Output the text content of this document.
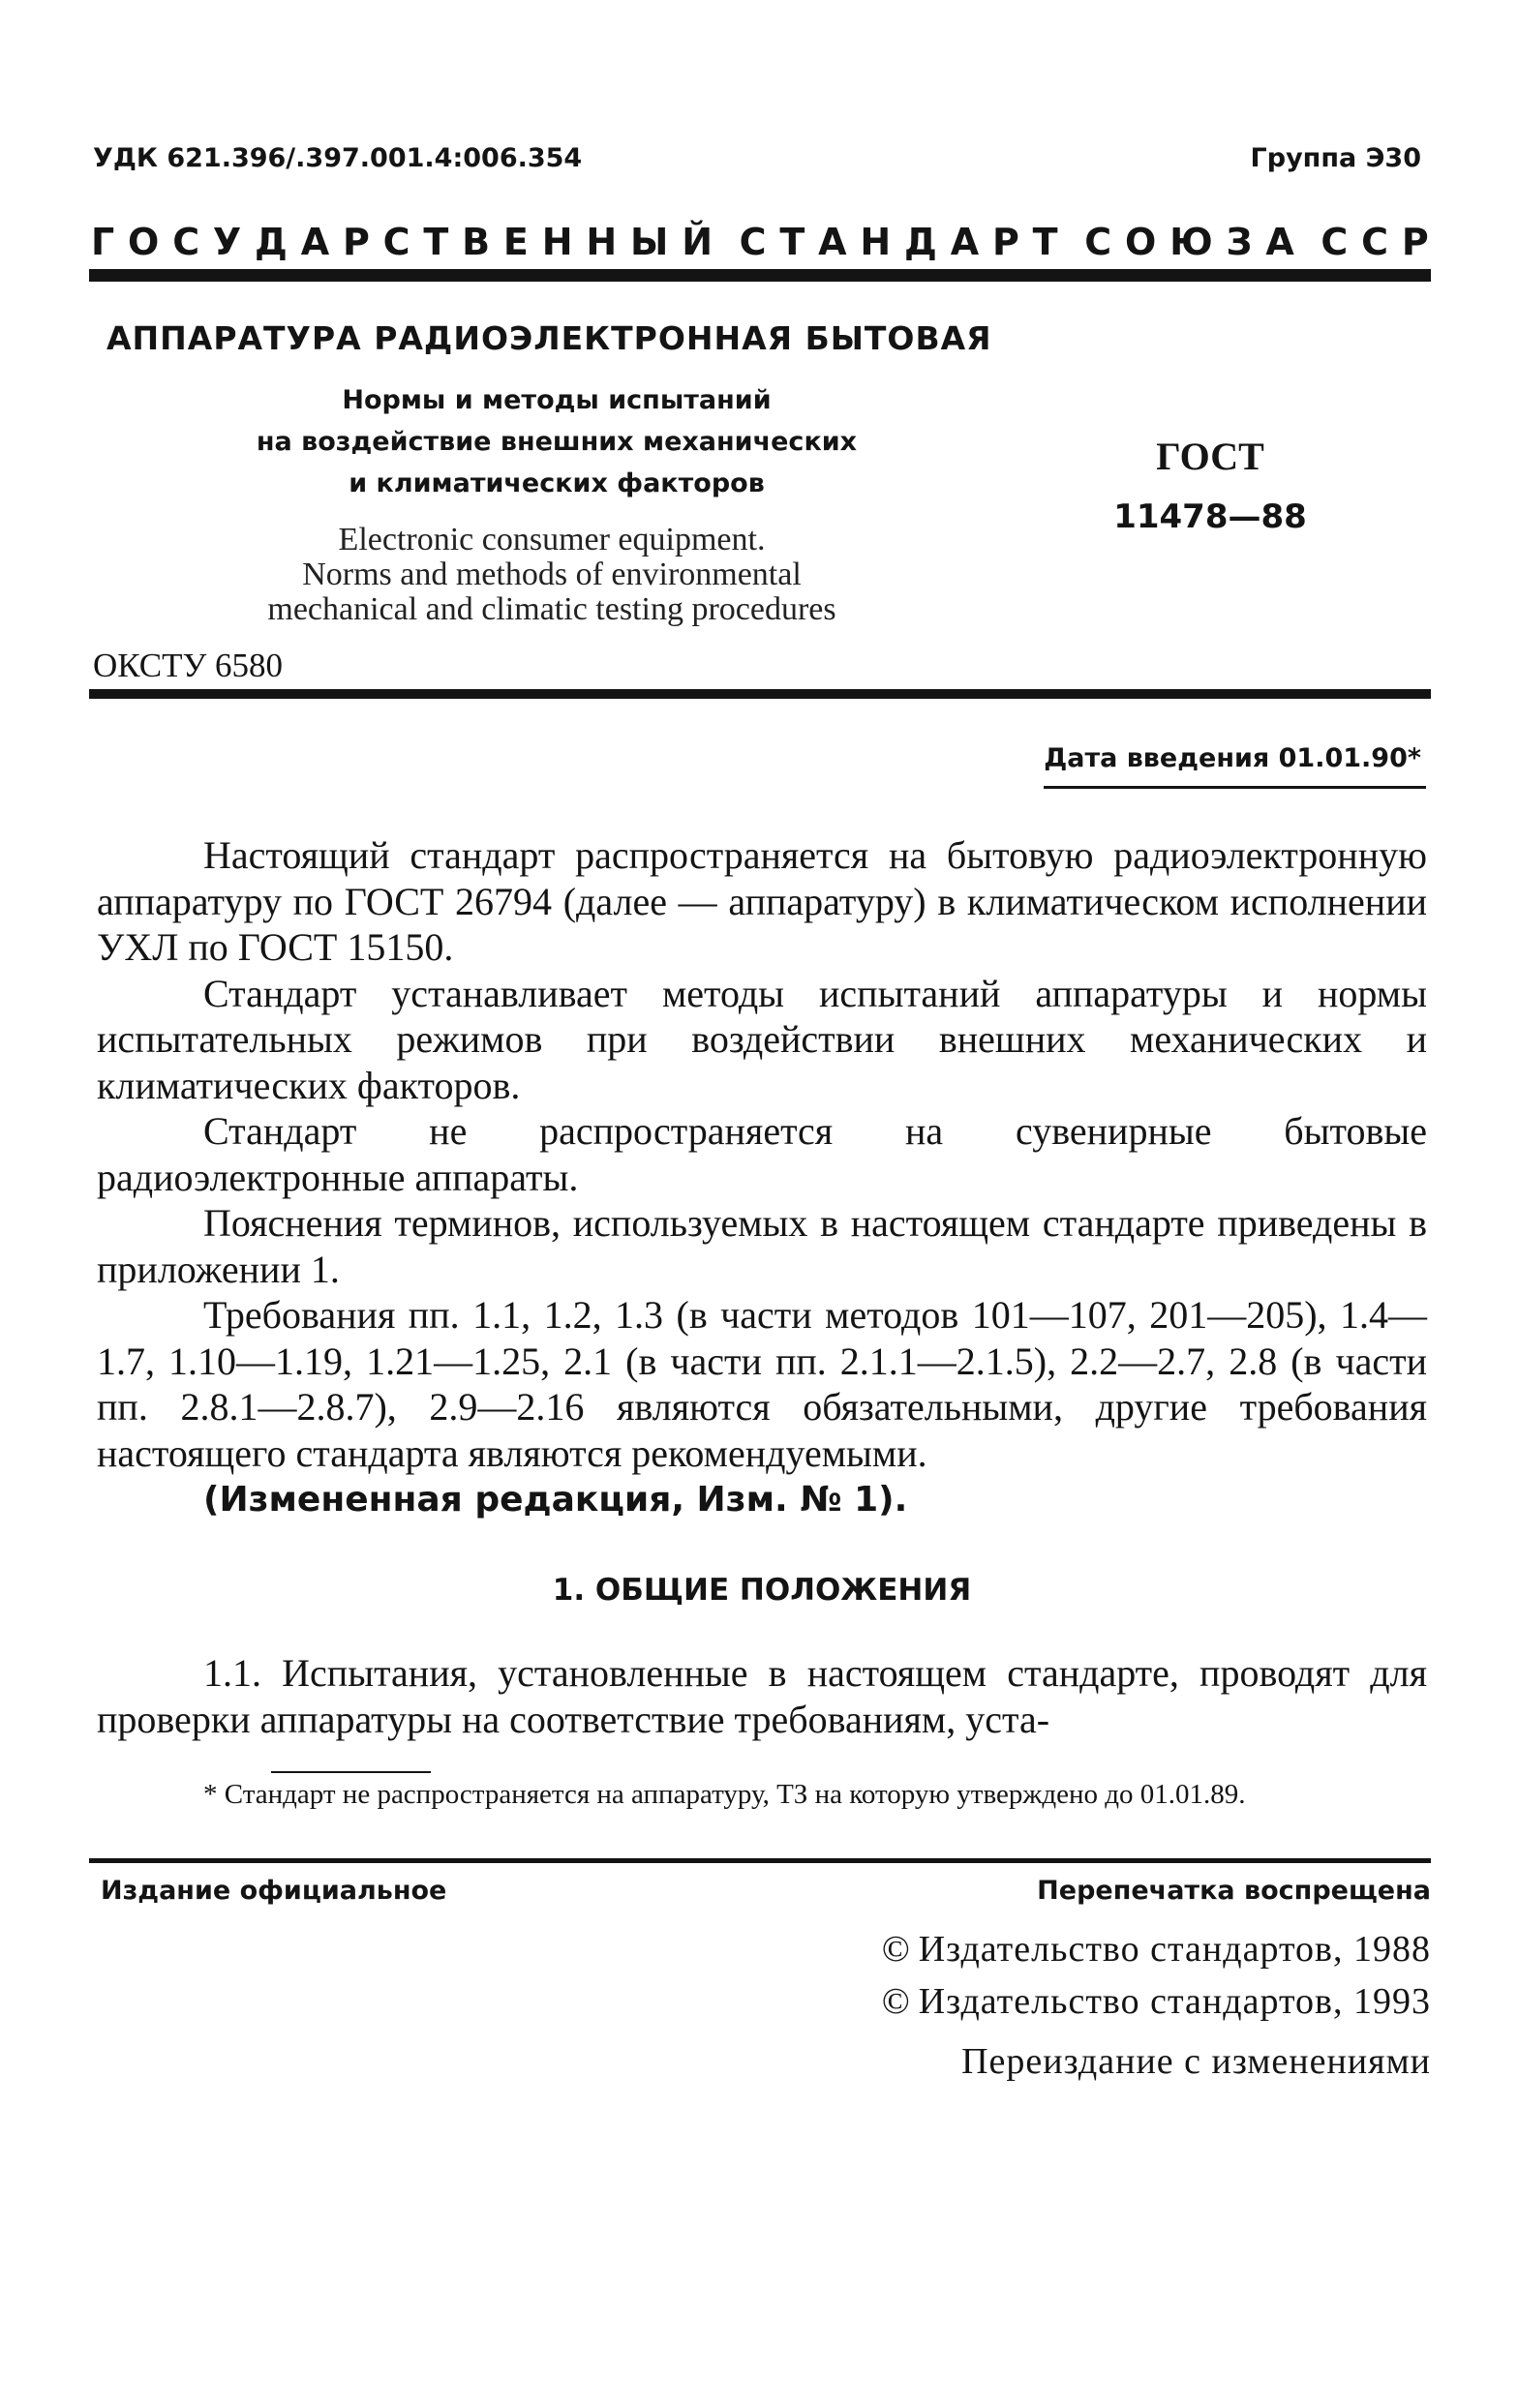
УДК 621.396/.397.001.4:006.354	Группа Э30
Г О С У Д А Р С Т В Е Н Н Ы Й С Т А Н Д А Р Т С О Ю З А С С Р
АППАРАТУРА РАДИОЭЛЕКТРОННАЯ БЫТОВАЯ
Нормы и методы испытаний
на воздействие внешних механических
и климатических факторов
Electronic consumer equipment.
Norms and methods of environmental
mechanical and climatic testing procedures
ГОСТ
11478—88
ОКСТУ 6580
Дата введения 01.01.90*

Настоящий стандарт распространяется на бытовую радиоэлектронную аппаратуру по ГОСТ 26794 (далее — аппаратуру) в климатическом исполнении УХЛ по ГОСТ 15150.

Стандарт устанавливает методы испытаний аппаратуры и нормы испытательных режимов при воздействии внешних механических и климатических факторов.

Стандарт не распространяется на сувенирные бытовые радиоэлектронные аппараты.

Пояснения терминов, используемых в настоящем стандарте приведены в приложении 1.

Требования пп. 1.1, 1.2, 1.3 (в части методов 101—107, 201—205), 1.4—1.7, 1.10—1.19, 1.21—1.25, 2.1 (в части пп. 2.1.1—2.1.5), 2.2—2.7, 2.8 (в части пп. 2.8.1—2.8.7), 2.9—2.16 являются обязательными, другие требования настоящего стандарта являются рекомендуемыми.

(Измененная редакция, Изм. № 1).

1. ОБЩИЕ ПОЛОЖЕНИЯ

1.1. Испытания, установленные в настоящем стандарте, проводят для проверки аппаратуры на соответствие требованиям, уста-

* Стандарт не распространяется на аппаратуру, ТЗ на которую утверждено до 01.01.89.

Издание официальное	Перепечатка воспрещена
© Издательство стандартов, 1988
© Издательство стандартов, 1993
Переиздание с изменениями
